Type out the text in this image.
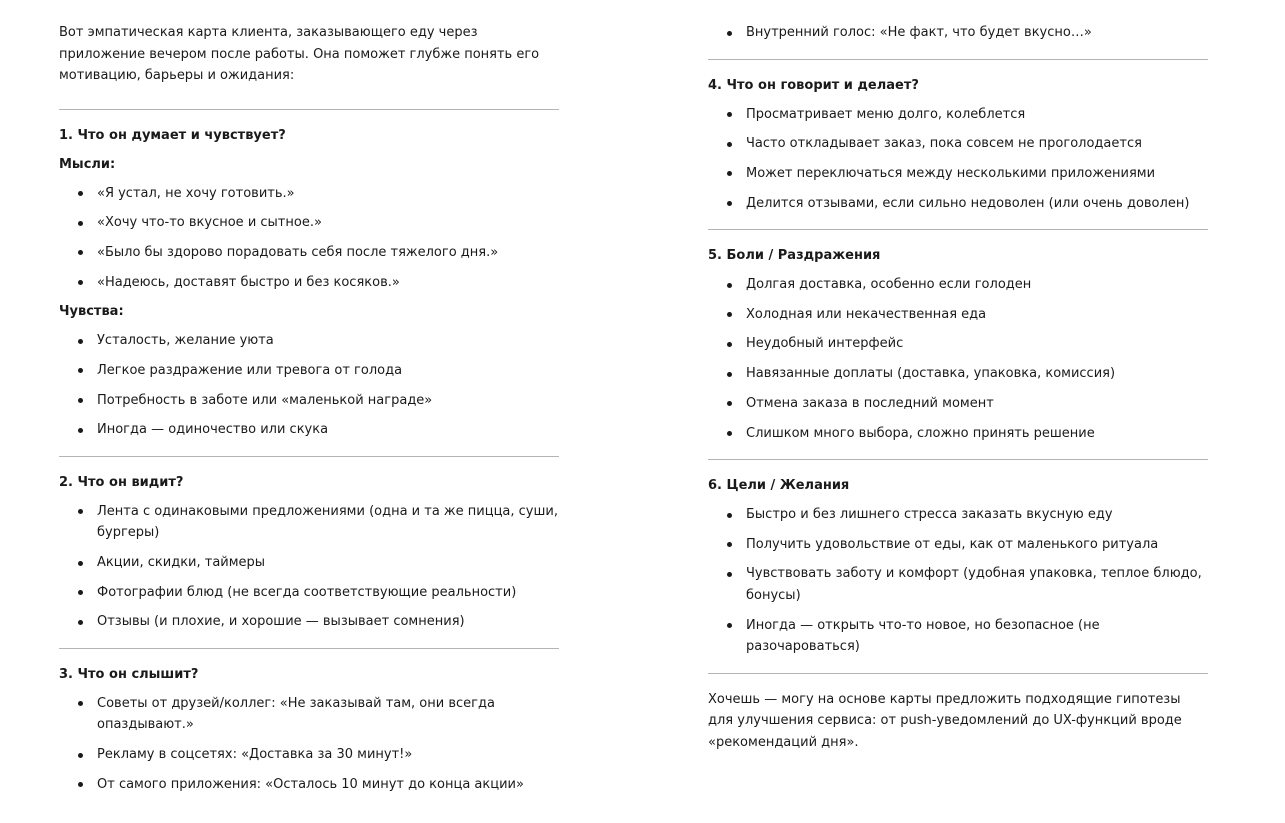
Вот эмпатическая карта клиента, заказывающего еду через приложение вечером после работы. Она поможет глубже понять его мотивацию, барьеры и ожидания:

1. Что он думает и чувствует?
Мысли:
«Я устал, не хочу готовить.»
«Хочу что-то вкусное и сытное.»
«Было бы здорово порадовать себя после тяжелого дня.»
«Надеюсь, доставят быстро и без косяков.»
Чувства:
Усталость, желание уюта
Легкое раздражение или тревога от голода
Потребность в заботе или «маленькой награде»
Иногда — одиночество или скука
2. Что он видит?
Лента с одинаковыми предложениями (одна и та же пицца, суши, бургеры)
Акции, скидки, таймеры
Фотографии блюд (не всегда соответствующие реальности)
Отзывы (и плохие, и хорошие — вызывает сомнения)
3. Что он слышит?
Советы от друзей/коллег: «Не заказывай там, они всегда опаздывают.»
Рекламу в соцсетях: «Доставка за 30 минут!»
От самого приложения: «Осталось 10 минут до конца акции»
Внутренний голос: «Не факт, что будет вкусно…»
4. Что он говорит и делает?
Просматривает меню долго, колеблется
Часто откладывает заказ, пока совсем не проголодается
Может переключаться между несколькими приложениями
Делится отзывами, если сильно недоволен (или очень доволен)
5. Боли / Раздражения
Долгая доставка, особенно если голоден
Холодная или некачественная еда
Неудобный интерфейс
Навязанные доплаты (доставка, упаковка, комиссия)
Отмена заказа в последний момент
Слишком много выбора, сложно принять решение
6. Цели / Желания
Быстро и без лишнего стресса заказать вкусную еду
Получить удовольствие от еды, как от маленького ритуала
Чувствовать заботу и комфорт (удобная упаковка, теплое блюдо, бонусы)
Иногда — открыть что-то новое, но безопасное (не разочароваться)

Хочешь — могу на основе карты предложить подходящие гипотезы для улучшения сервиса: от push-уведомлений до UX-функций вроде «рекомендаций дня».
